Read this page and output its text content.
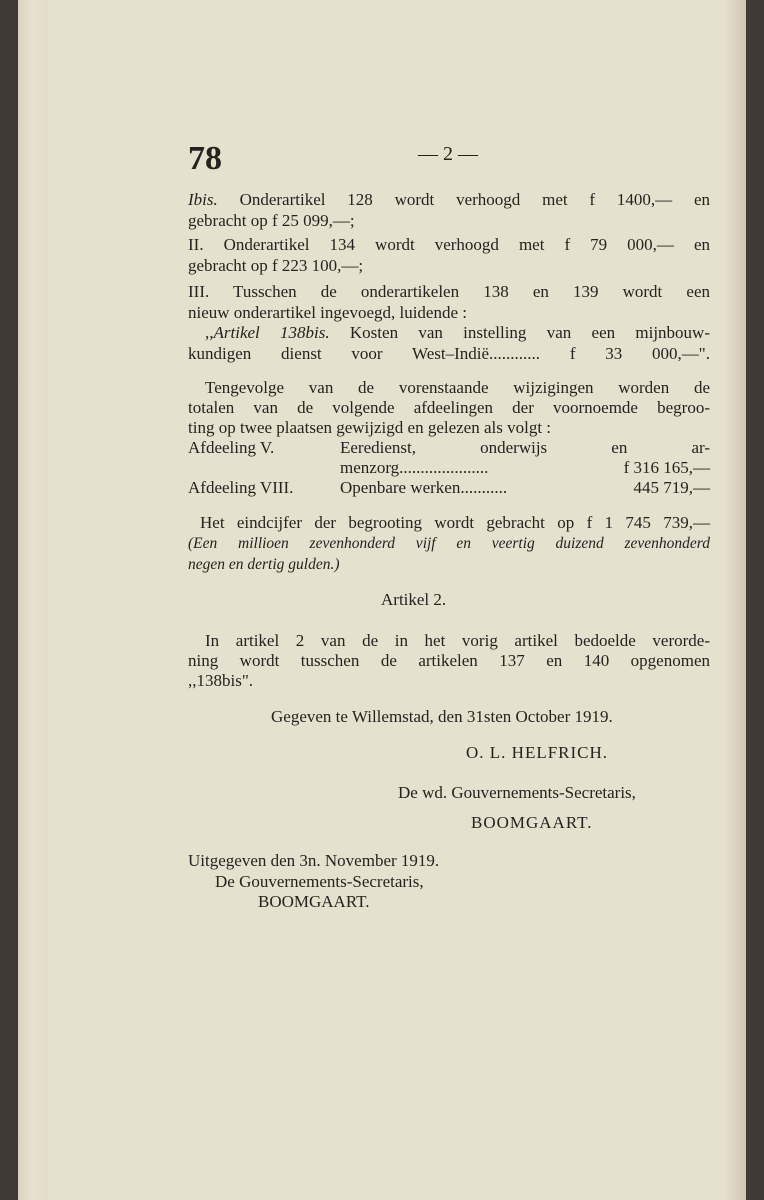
78	— 2 —
Ibis. Onderartikel 128 wordt verhoogd met f 1400,— en
gebracht op f 25 099,—;
II. Onderartikel 134 wordt verhoogd met f 79 000,— en
gebracht op f 223 100,—;
III. Tusschen de onderartikelen 138 en 139 wordt een
nieuw onderartikel ingevoegd, luidende :
,,Artikel 138bis. Kosten van instelling van een mijnbouw-
kundigen dienst voor West–Indië............ f 33 000,—".
Tengevolge van de vorenstaande wijzigingen worden de
totalen van de volgende afdeelingen der voornoemde begroo-
ting op twee plaatsen gewijzigd en gelezen als volgt :
Afdeeling V.	Eeredienst, onderwijs en ar-
menzorg.....................	f 316 165,—
Afdeeling VIII.	Openbare werken...........	445 719,—
Het eindcijfer der begrooting wordt gebracht op f 1 745 739,—
(Een millioen zevenhonderd vijf en veertig duizend zevenhonderd
negen en dertig gulden.)
Artikel 2.
In artikel 2 van de in het vorig artikel bedoelde verorde-
ning wordt tusschen de artikelen 137 en 140 opgenomen
,,138bis".
Gegeven te Willemstad, den 31sten October 1919.
O. L. HELFRICH.
De wd. Gouvernements-Secretaris,
BOOMGAART.
Uitgegeven den 3n. November 1919.
De Gouvernements-Secretaris,
BOOMGAART.
